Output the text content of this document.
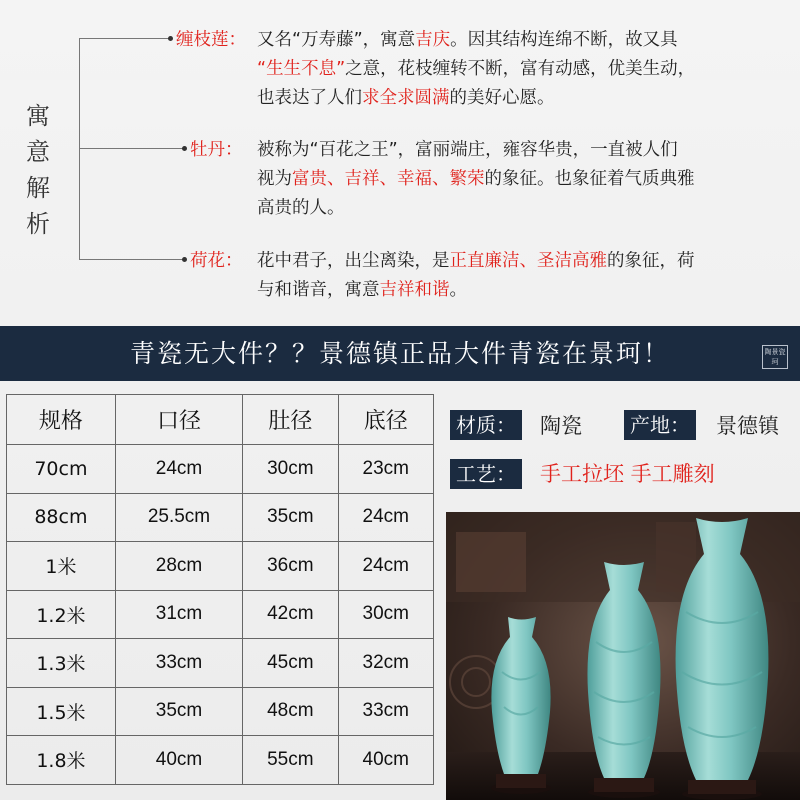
寓
意
解
析
缠枝莲： 又名“万寿藤”，寓意吉庆。因其结构连绵不断，故又具
“生生不息”之意，花枝缠转不断，富有动感，优美生动，
也表达了人们求全求圆满的美好心愿。
牡丹： 被称为“百花之王”，富丽端庄，雍容华贵，一直被人们
视为富贵、吉祥、幸福、繁荣的象征。也象征着气质典雅
高贵的人。
荷花： 花中君子，出尘离染，是正直廉洁、圣洁高雅的象征，荷
与和谐音，寓意吉祥和谐。
青瓷无大件？？景德镇正品大件青瓷在景珂！	陶景瓷珂
规格	口径	肚径	底径
70cm	24cm	30cm	23cm
88cm	25.5cm	35cm	24cm
1米	28cm	36cm	24cm
1.2米	31cm	42cm	30cm
1.3米	33cm	45cm	32cm
1.5米	35cm	48cm	33cm
1.8米	40cm	55cm	40cm
材质： 陶瓷	产地： 景德镇
工艺： 手工拉坯 手工雕刻
